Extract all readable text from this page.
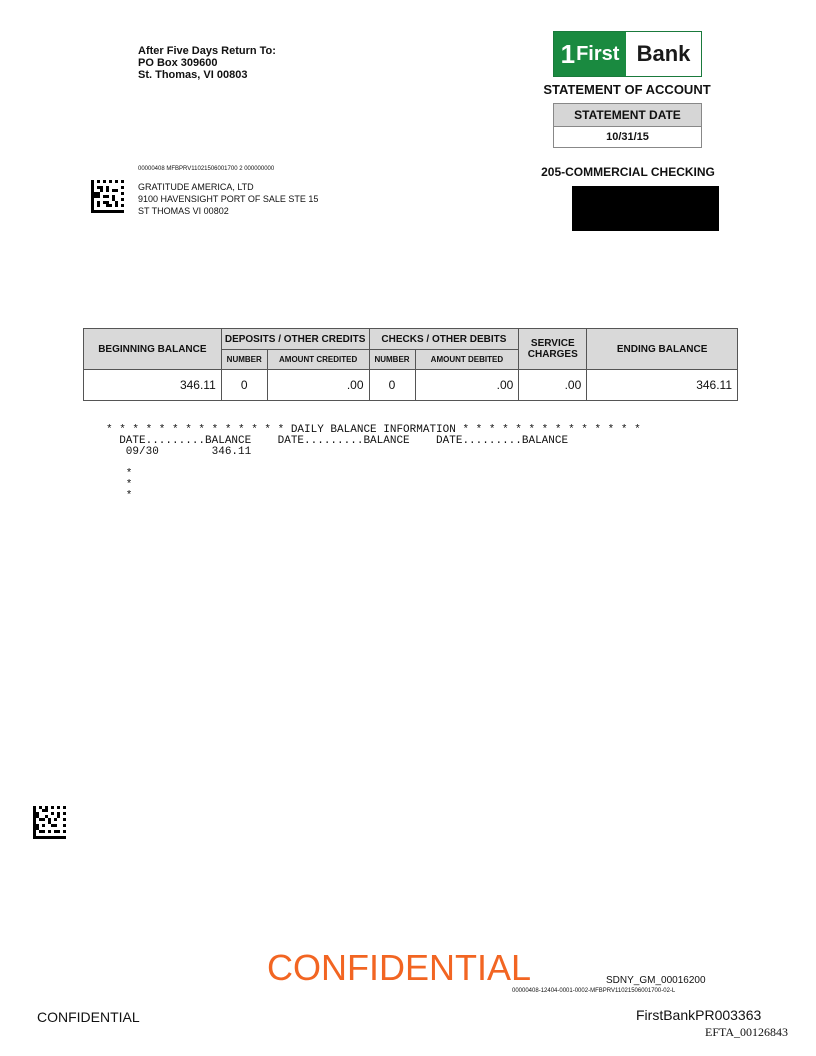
After Five Days Return To:
PO Box 309600
St. Thomas, VI 00803
1 First Bank
STATEMENT OF ACCOUNT
STATEMENT DATE
10/31/15
205-COMMERCIAL CHECKING
00000408 MFBPRV11021506001700 2 000000000
GRATITUDE AMERICA, LTD
9100 HAVENSIGHT PORT OF SALE STE 15
ST THOMAS VI 00802
BEGINNING BALANCE	DEPOSITS / OTHER CREDITS		CHECKS / OTHER DEBITS		SERVICE CHARGES	ENDING BALANCE
	NUMBER	AMOUNT CREDITED	NUMBER	AMOUNT DEBITED		
346.11	0	.00	0	.00	.00	346.11
* * * * * * * * * * * * * * DAILY BALANCE INFORMATION * * * * * * * * * * * * * *
DATE.........BALANCE    DATE.........BALANCE    DATE.........BALANCE
09/30        346.11

*
*
*
CONFIDENTIAL	SDNY_GM_00016200
00000408-12404-0001-0002-MFBPRV11021506001700-02-L
CONFIDENTIAL	FirstBankPR003363
EFTA_00126843
